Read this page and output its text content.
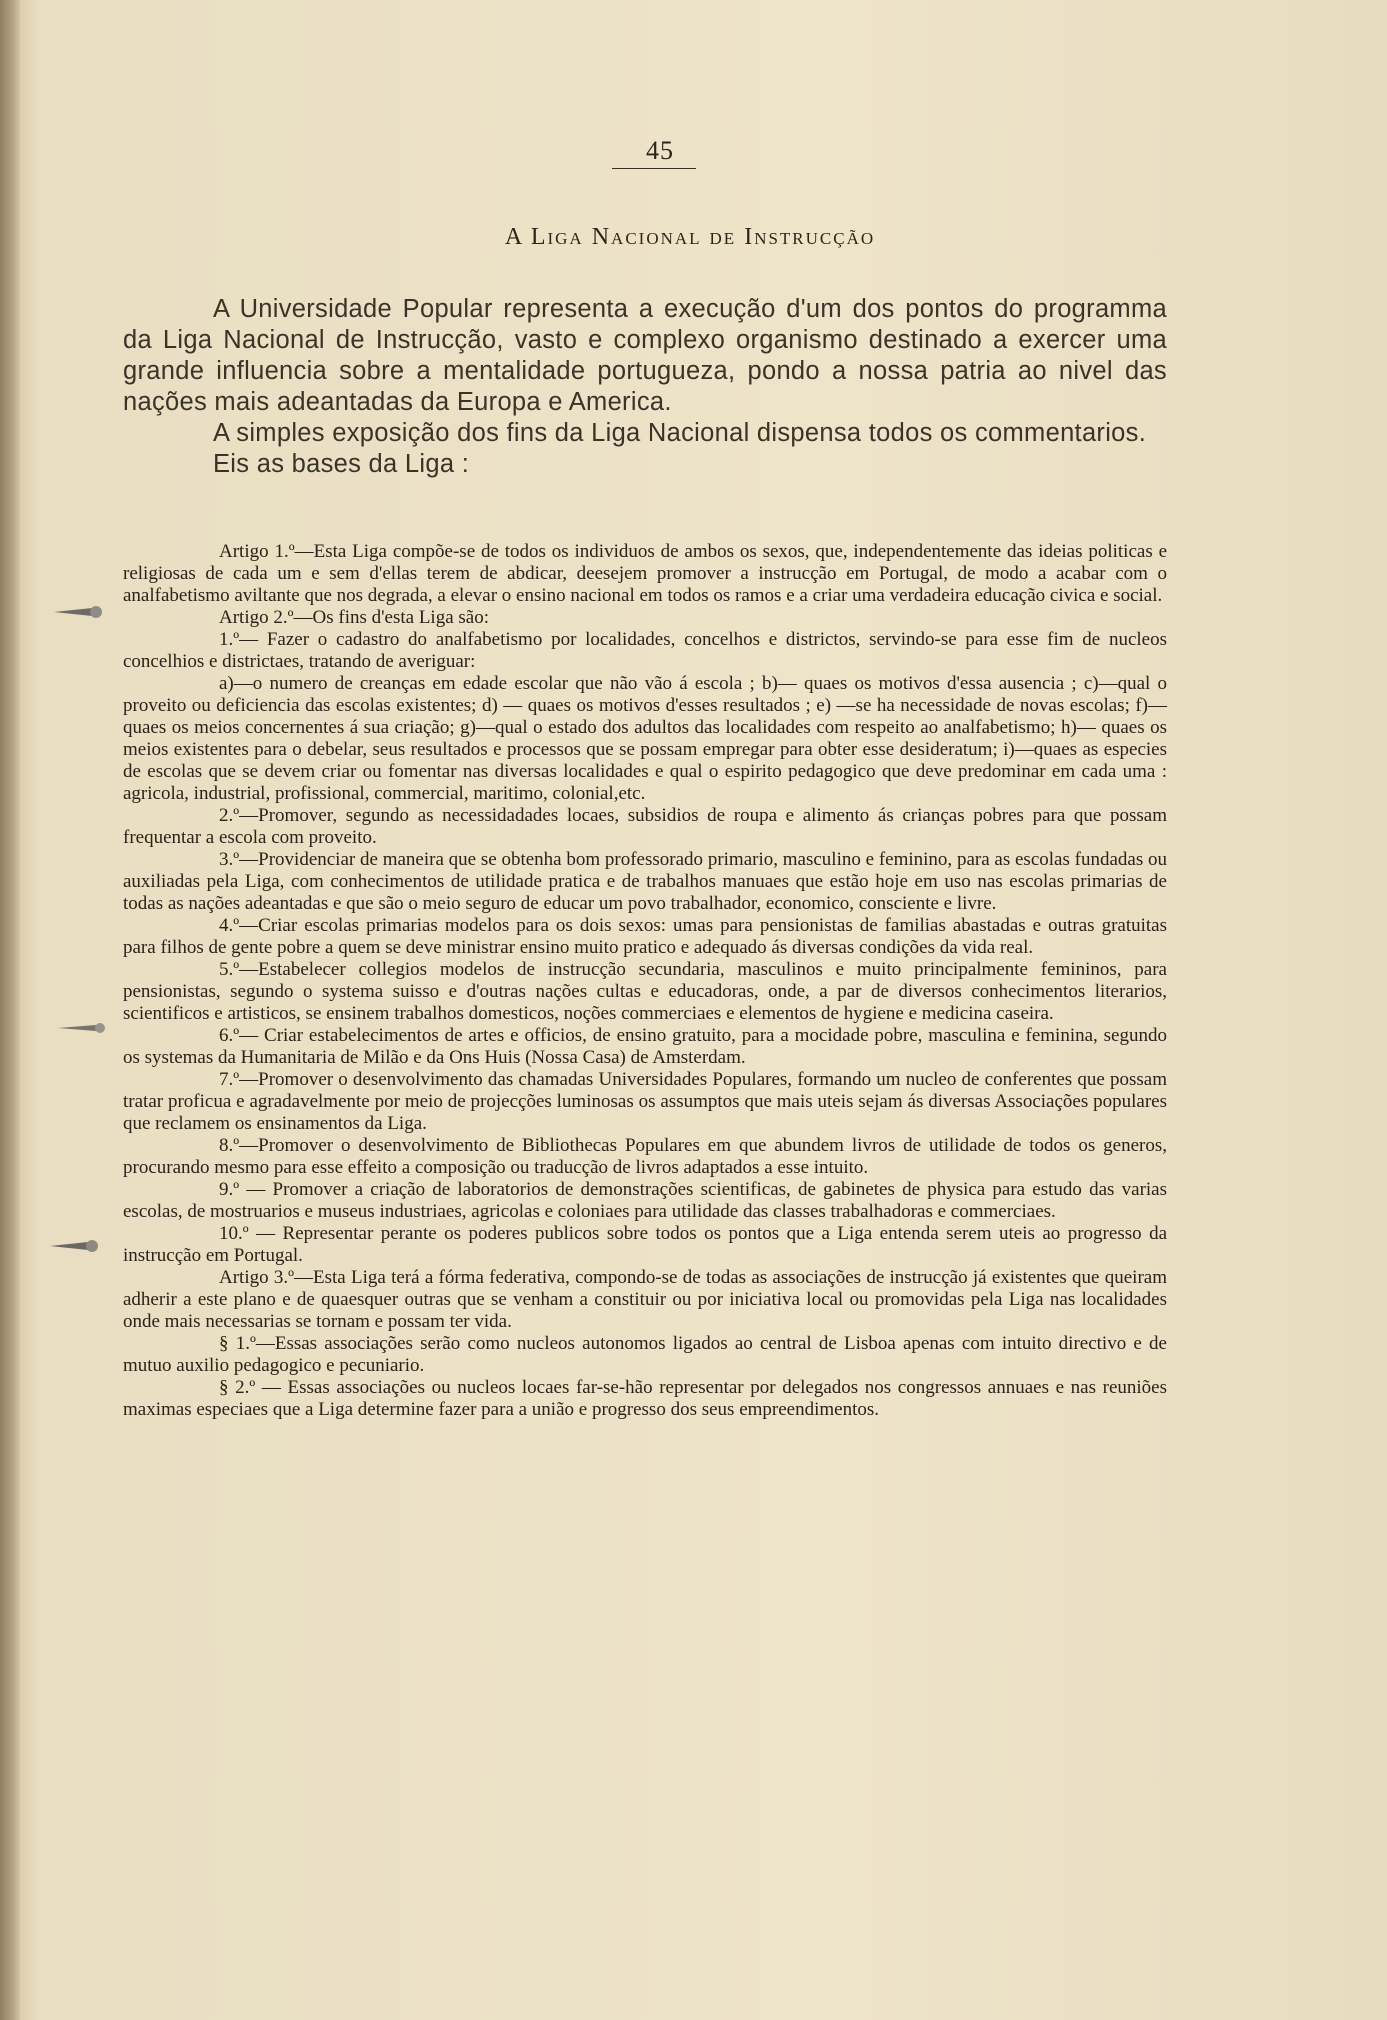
45
A Liga Nacional de Instrucção

A Universidade Popular representa a execução d'um dos pontos do programma da Liga Nacional de Instrucção, vasto e complexo organismo destinado a exercer uma grande influencia sobre a mentalidade portugueza, pondo a nossa patria ao nivel das nações mais adeantadas da Europa e America.

A simples exposição dos fins da Liga Nacional dispensa todos os commentarios.

Eis as bases da Liga :

Artigo 1.º—Esta Liga compõe-se de todos os individuos de ambos os sexos, que, independentemente das ideias politicas e religiosas de cada um e sem d'ellas terem de abdicar, deesejem promover a instrucção em Portugal, de modo a acabar com o analfabetismo aviltante que nos degrada, a elevar o ensino nacional em todos os ramos e a criar uma verdadeira educação civica e social.

Artigo 2.º—Os fins d'esta Liga são:

1.º— Fazer o cadastro do analfabetismo por localidades, concelhos e districtos, servindo-se para esse fim de nucleos concelhios e districtaes, tratando de averiguar:

a)—o numero de creanças em edade escolar que não vão á escola ; b)— quaes os motivos d'essa ausencia ; c)—qual o proveito ou deficiencia das escolas existentes; d) — quaes os motivos d'esses resultados ; e) —se ha necessidade de novas escolas; f)—quaes os meios concernentes á sua criação; g)—qual o estado dos adultos das localidades com respeito ao analfabetismo; h)— quaes os meios existentes para o debelar, seus resultados e processos que se possam empregar para obter esse desideratum; i)—quaes as especies de escolas que se devem criar ou fomentar nas diversas localidades e qual o espirito pedagogico que deve predominar em cada uma : agricola, industrial, profissional, commercial, maritimo, colonial,etc.

2.º—Promover, segundo as necessidadades locaes, subsidios de roupa e alimento ás crianças pobres para que possam frequentar a escola com proveito.

3.º—Providenciar de maneira que se obtenha bom professorado primario, masculino e feminino, para as escolas fundadas ou auxiliadas pela Liga, com conhecimentos de utilidade pratica e de trabalhos manuaes que estão hoje em uso nas escolas primarias de todas as nações adeantadas e que são o meio seguro de educar um povo trabalhador, economico, consciente e livre.

4.º—Criar escolas primarias modelos para os dois sexos: umas para pensionistas de familias abastadas e outras gratuitas para filhos de gente pobre a quem se deve ministrar ensino muito pratico e adequado ás diversas condições da vida real.

5.º—Estabelecer collegios modelos de instrucção secundaria, masculinos e muito principalmente femininos, para pensionistas, segundo o systema suisso e d'outras nações cultas e educadoras, onde, a par de diversos conhecimentos literarios, scientificos e artisticos, se ensinem trabalhos domesticos, noções commerciaes e elementos de hygiene e medicina caseira.

6.º— Criar estabelecimentos de artes e officios, de ensino gratuito, para a mocidade pobre, masculina e feminina, segundo os systemas da Humanitaria de Milão e da Ons Huis (Nossa Casa) de Amsterdam.

7.º—Promover o desenvolvimento das chamadas Universidades Populares, formando um nucleo de conferentes que possam tratar proficua e agradavelmente por meio de projecções luminosas os assumptos que mais uteis sejam ás diversas Associações populares que reclamem os ensinamentos da Liga.

8.º—Promover o desenvolvimento de Bibliothecas Populares em que abundem livros de utilidade de todos os generos, procurando mesmo para esse effeito a composição ou traducção de livros adaptados a esse intuito.

9.º — Promover a criação de laboratorios de demonstrações scientificas, de gabinetes de physica para estudo das varias escolas, de mostruarios e museus industriaes, agricolas e coloniaes para utilidade das classes trabalhadoras e commerciaes.

10.º — Representar perante os poderes publicos sobre todos os pontos que a Liga entenda serem uteis ao progresso da instrucção em Portugal.

Artigo 3.º—Esta Liga terá a fórma federativa, compondo-se de todas as associações de instrucção já existentes que queiram adherir a este plano e de quaesquer outras que se venham a constituir ou por iniciativa local ou promovidas pela Liga nas localidades onde mais necessarias se tornam e possam ter vida.

§ 1.º—Essas associações serão como nucleos autonomos ligados ao central de Lisboa apenas com intuito directivo e de mutuo auxilio pedagogico e pecuniario.

§ 2.º — Essas associações ou nucleos locaes far-se-hão representar por delegados nos congressos annuaes e nas reuniões maximas especiaes que a Liga determine fazer para a união e progresso dos seus empreendimentos.
